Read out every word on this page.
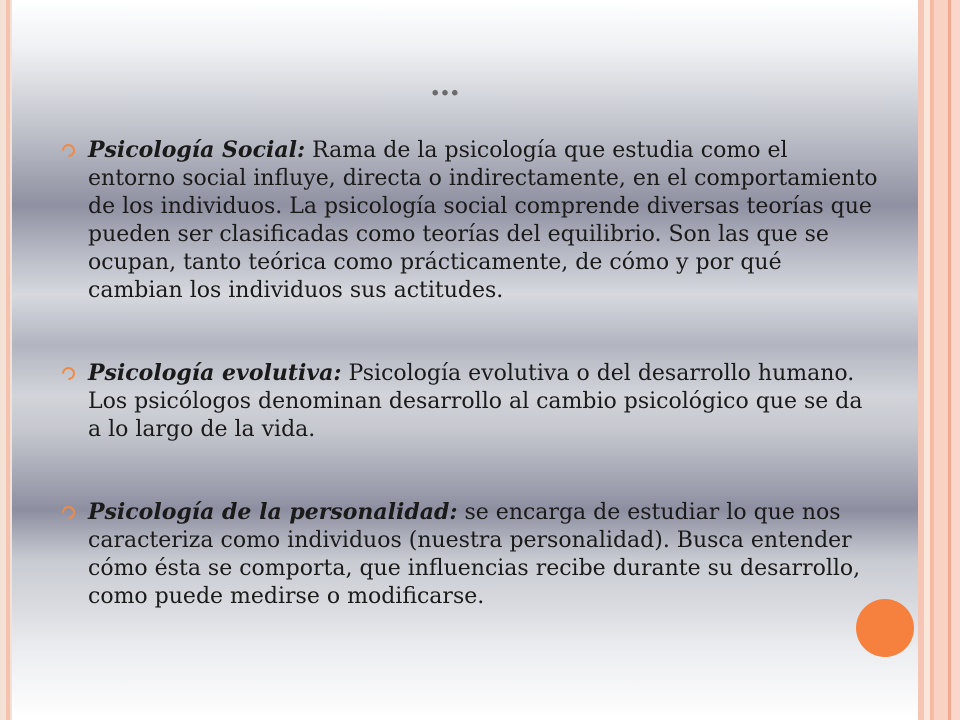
…
Psicología Social: Rama de la psicología que estudia como el entorno social influye, directa o indirectamente, en el comportamiento de los individuos. La psicología social comprende diversas teorías que pueden ser clasificadas como teorías del equilibrio. Son las que se ocupan, tanto teórica como prácticamente, de cómo y por qué cambian los individuos sus actitudes.
Psicología evolutiva: Psicología evolutiva o del desarrollo humano. Los psicólogos denominan desarrollo al cambio psicológico que se da a lo largo de la vida.
Psicología de la personalidad: se encarga de estudiar lo que nos caracteriza como individuos (nuestra personalidad). Busca entender cómo ésta se comporta, que influencias recibe durante su desarrollo, como puede medirse o modificarse.
